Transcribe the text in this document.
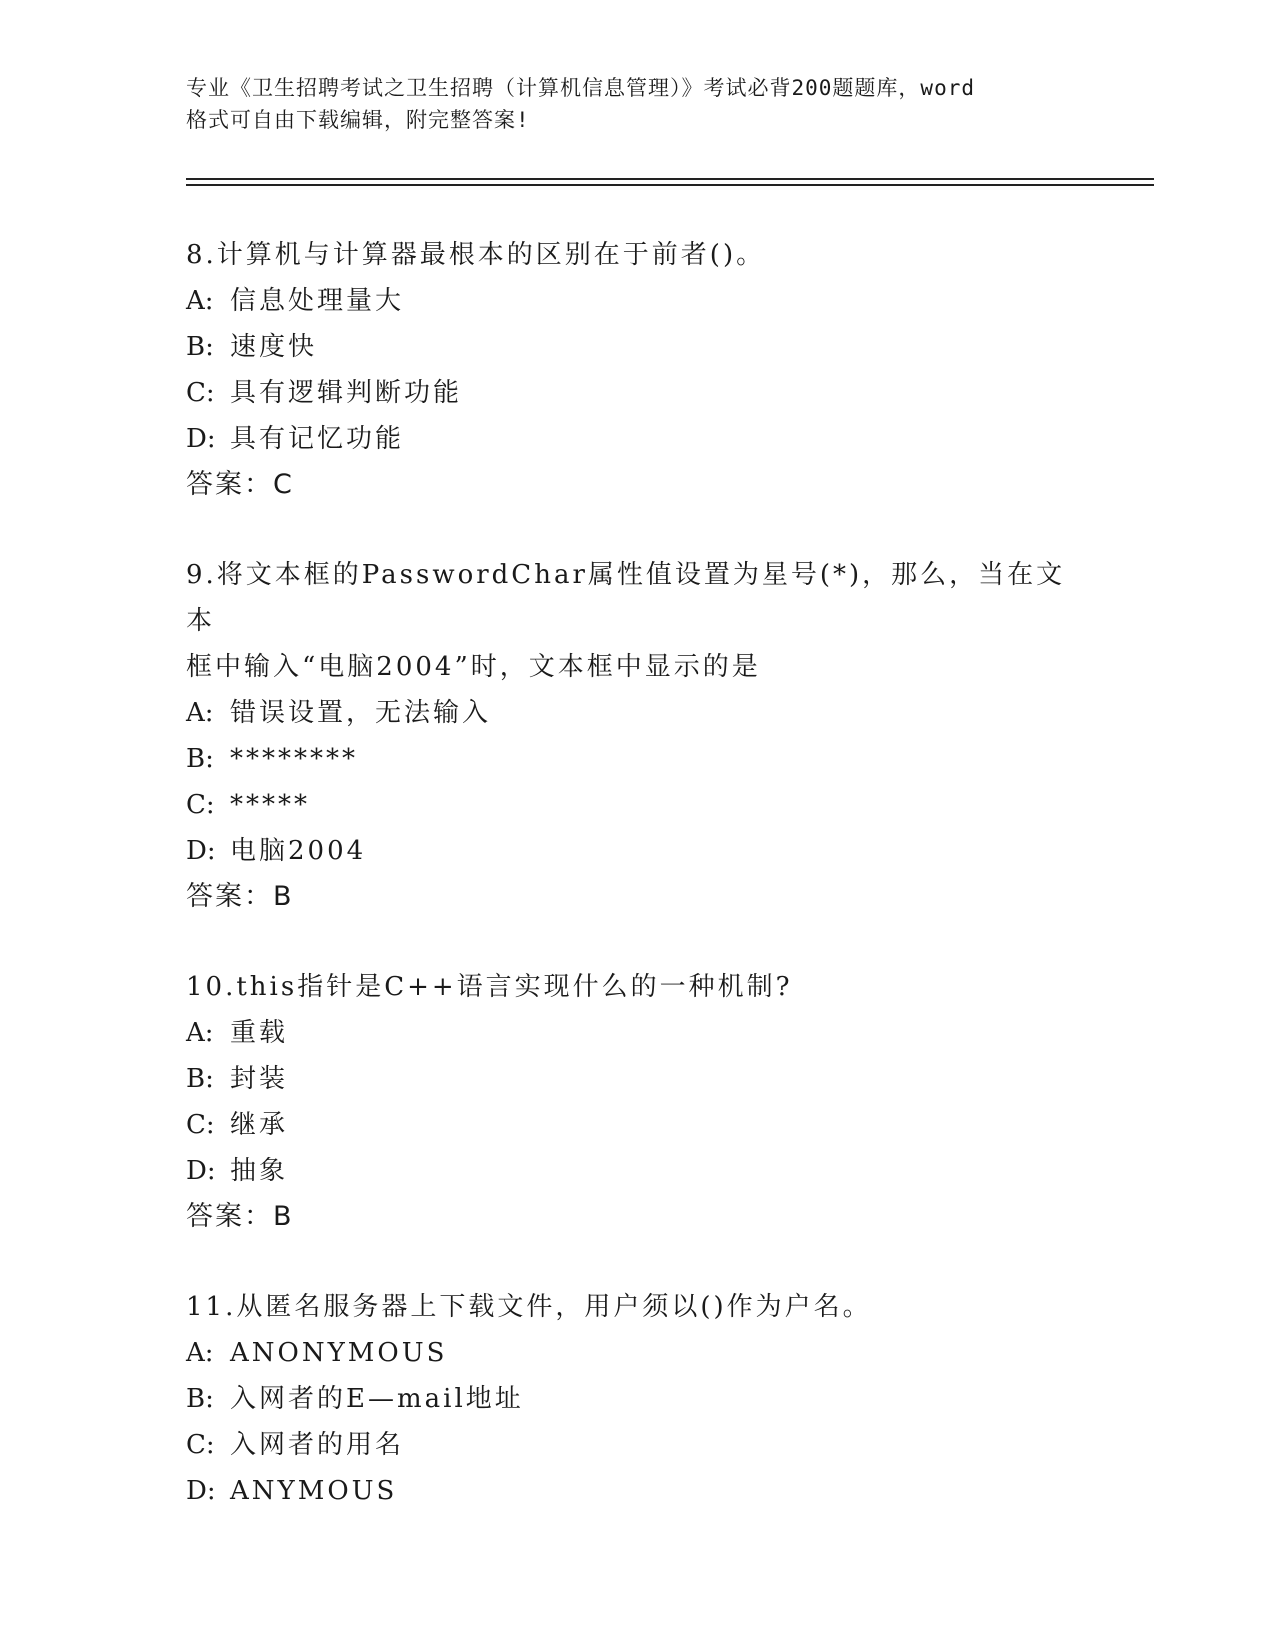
专业《卫生招聘考试之卫生招聘（计算机信息管理）》考试必背200题题库，word
格式可自由下载编辑，附完整答案!
8.计算机与计算器最根本的区别在于前者()。
A: 信息处理量大
B: 速度快
C: 具有逻辑判断功能
D: 具有记忆功能
答案：C
9.将文本框的PasswordChar属性值设置为星号(*)，那么，当在文本
框中输入“电脑2004”时，文本框中显示的是
A: 错误设置，无法输入
B: ********
C: *****
D: 电脑2004
答案：B
10.this指针是C++语言实现什么的一种机制?
A: 重载
B: 封装
C: 继承
D: 抽象
答案：B
11.从匿名服务器上下载文件，用户须以()作为户名。
A: ANONYMOUS
B: 入网者的E—mail地址
C: 入网者的用名
D: ANYMOUS
